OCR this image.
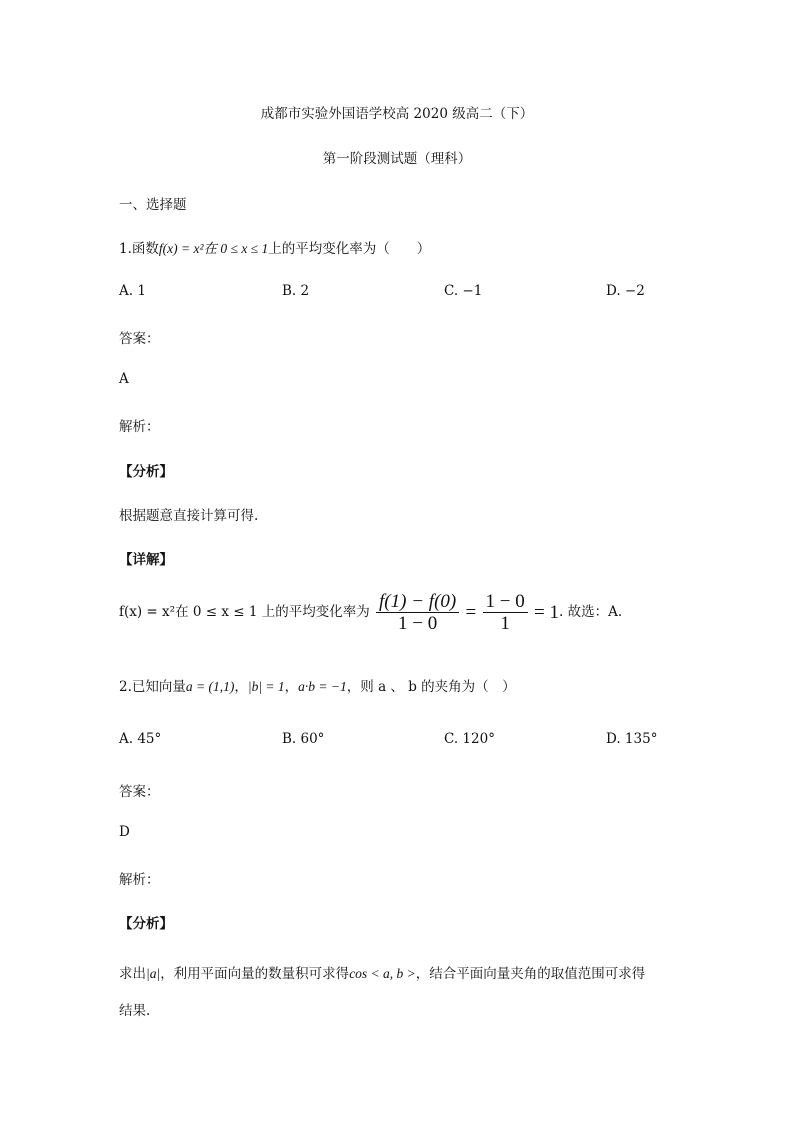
成都市实验外国语学校高 2020 级高二（下）
第一阶段测试题（理科）
一、选择题
1.函数f(x) = x²在 0 ≤ x ≤ 1上的平均变化率为（　　）
A. 1	B. 2	C. −1	D. −2
答案：
A
解析：
【分析】
根据题意直接计算可得.
【详解】
f(x) = x²在 0 ≤ x ≤ 1 上的平均变化率为 $\frac{f(1) - f(0)}{1 - 0} = \frac{1 - 0}{1} = 1$. 故选：A.
2.已知向量a = (1,1)，|b| = 1，a·b = −1，则 a 、 b 的夹角为（　）
A. 45°	B. 60°	C. 120°	D. 135°
答案：
D
解析：
【分析】
求出|a|，利用平面向量的数量积可求得cos < a, b >，结合平面向量夹角的取值范围可求得
结果.
